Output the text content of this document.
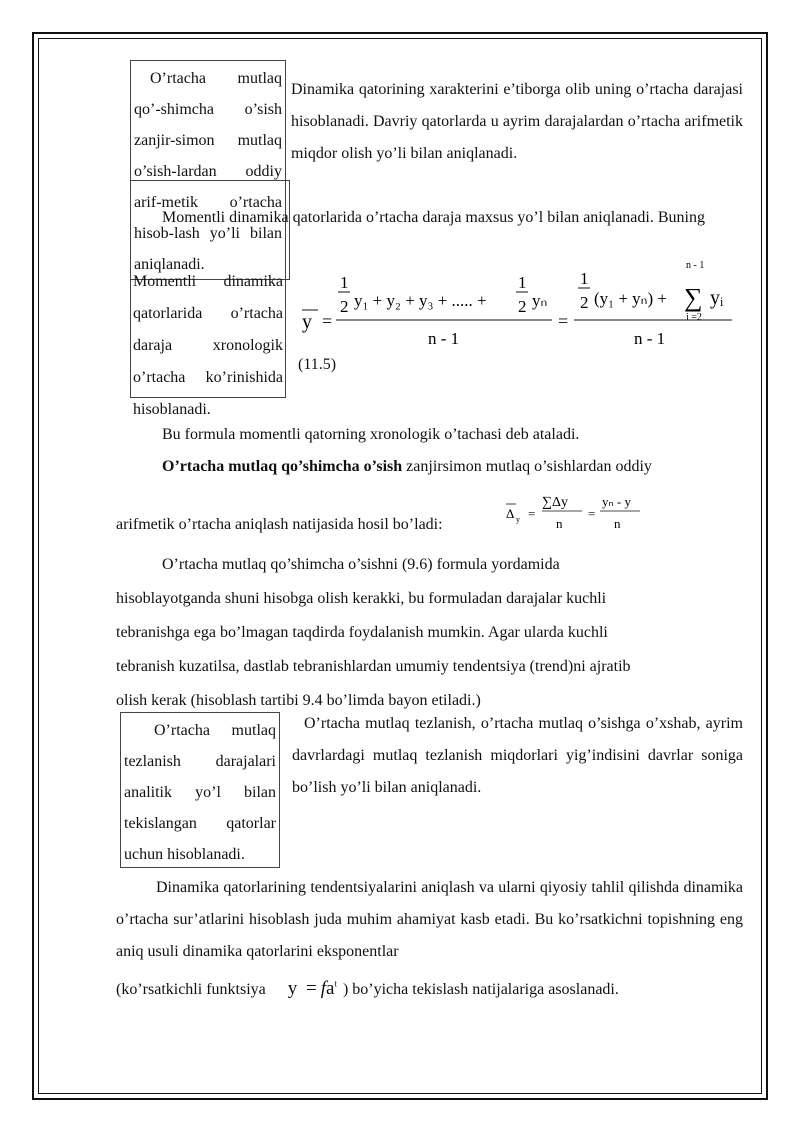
O’rtacha mutlaq qo’-shimcha o’sish zanjir-simon mutlaq o’sish-lardan oddiy arif-metik o’rtacha hisob-lash yo’li bilan aniqlanadi.
Momentli dinamika qatorlarida o’rtacha daraja xronologik o’rtacha ko’rinishida hisoblanadi.
Dinamika qatorining xarakterini e’tiborga olib uning o’rtacha darajasi hisoblanadi. Davriy qatorlarda u ayrim darajalardan o’rtacha arifmetik miqdor olish yo’li bilan aniqlanadi.
Momentli dinamika qatorlarida o’rtacha daraja maxsus yo’l bilan aniqlanadi. Buning
y =
1
2 y₁ + y₂ + y₃ + ..... +
1
2 yₙ
n - 1
=
1
2 (y₁ + yₙ) +
n - 1
∑
i =2
yᵢ
n - 1
(11.5)
Bu formula momentli qatorning xronologik o’tachasi deb ataladi.
O’rtacha mutlaq qo’shimcha o’sish zanjirsimon mutlaq o’sishlardan oddiy
arifmetik o’rtacha aniqlash natijasida hosil bo’ladi:
Δ y =
∑Δy
n
=
yₙ - y
n
O’rtacha mutlaq qo’shimcha o’sishni (9.6) formula yordamida
hisoblayotganda shuni hisobga olish kerakki, bu formuladan darajalar kuchli
tebranishga ega bo’lmagan taqdirda foydalanish mumkin. Agar ularda kuchli
tebranish kuzatilsa, dastlab tebranishlardan umumiy tendentsiya (trend)ni ajratib
olish kerak (hisoblash tartibi 9.4 bo’limda bayon etiladi.)
O’rtacha mutlaq tezlanish darajalari analitik yo’l bilan tekislangan qatorlar uchun hisoblanadi.
O’rtacha mutlaq tezlanish, o’rtacha mutlaq o’sishga o’xshab, ayrim davrlardagi mutlaq tezlanish miqdorlari yig’indisini davrlar soniga bo’lish yo’li bilan aniqlanadi.
Dinamika qatorlarining tendentsiyalarini aniqlash va ularni qiyosiy tahlil qilishda dinamika o’rtacha sur’atlarini hisoblash juda muhim ahamiyat kasb etadi. Bu ko’rsatkichni topishning eng aniq usuli dinamika qatorlarini eksponentlar
(ko’rsatkichli funktsiya $y = fa^t$ ) bo’yicha tekislash natijalariga asoslanadi.
